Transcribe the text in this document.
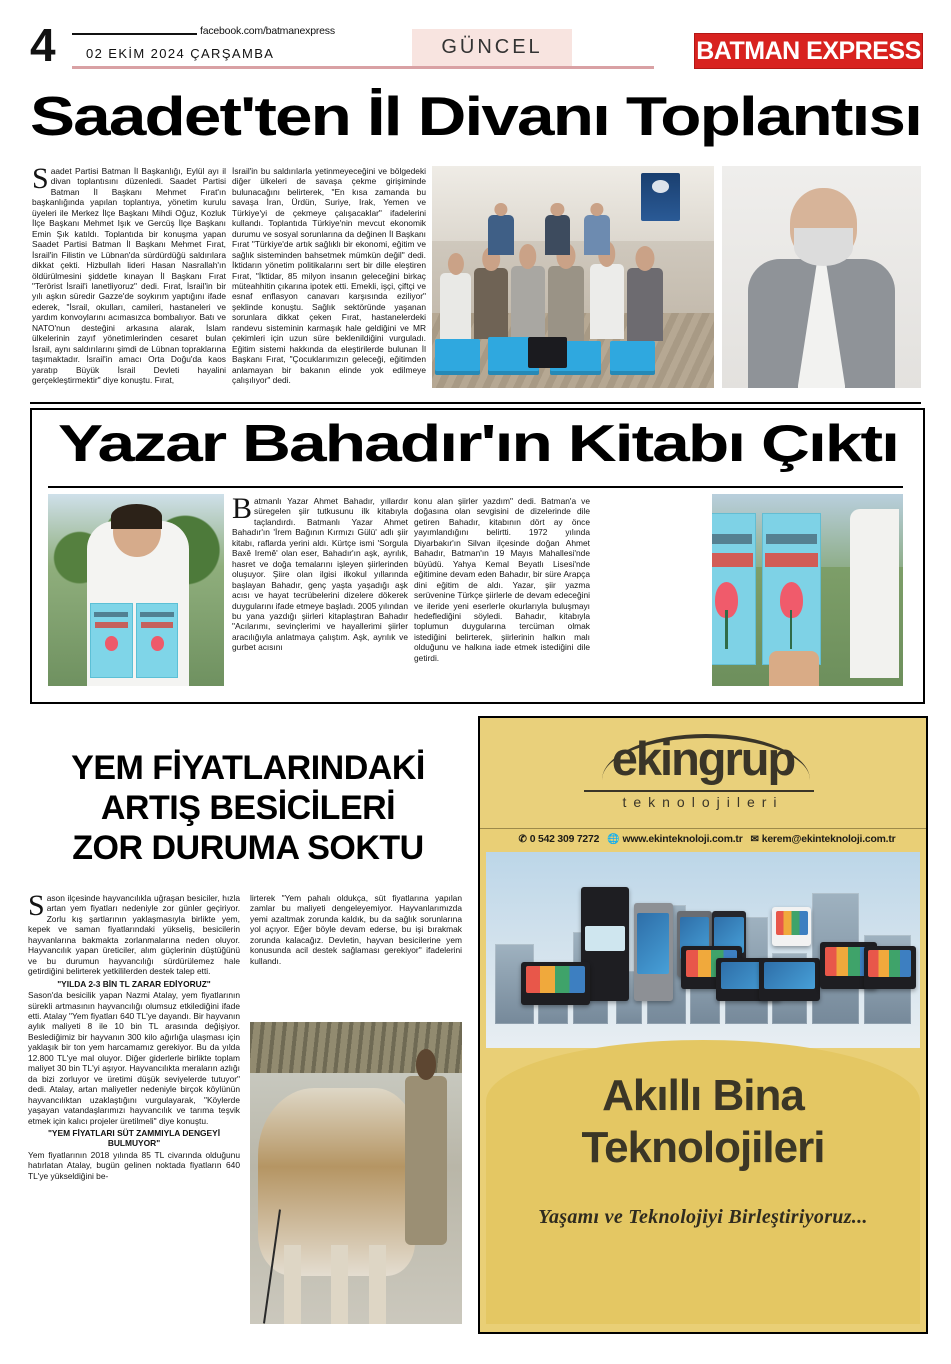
4	facebook.com/batmanexpress
02 EKİM 2024 ÇARŞAMBA	GÜNCEL	BATMAN EXPRESS
Saadet'ten İl Divanı Toplantısı

Saadet Partisi Batman İl Başkanlığı, Eylül ayı il divan toplantısını düzenledi. Saadet Partisi Batman İl Başkanı Mehmet Fırat'ın başkanlığında yapılan toplantıya, yönetim kurulu üyeleri ile Merkez İlçe Başkanı Mihdi Oğuz, Kozluk İlçe Başkanı Mehmet Işık ve Gercüş İlçe Başkanı Emin Şık katıldı. Toplantıda bir konuşma yapan Saadet Partisi Batman İl Başkanı Mehmet Fırat, İsrail'in Filistin ve Lübnan'da sürdürdüğü saldırılara dikkat çekti. Hizbullah lideri Hasan Nasrallah'ın öldürülmesini şiddetle kınayan İl Başkanı Fırat "Terörist İsrail'i lanetliyoruz" dedi. Fırat, İsrail'in bir yılı aşkın süredir Gazze'de soykırım yaptığını ifade ederek, "İsrail, okulları, camileri, hastaneleri ve yardım konvoylarını acımasızca bombalıyor. Batı ve NATO'nun desteğini arkasına alarak, İslam ülkelerinin zayıf yönetimlerinden cesaret bulan İsrail, aynı saldırılarını şimdi de Lübnan topraklarına taşımaktadır. İsrail'in amacı Orta Doğu'da kaos yaratıp Büyük İsrail Devleti hayalini gerçekleştirmektir" diye konuştu. Fırat,

İsrail'in bu saldırılarla yetinmeyeceğini ve bölgedeki diğer ülkeleri de savaşa çekme girişiminde bulunacağını belirterek, "En kısa zamanda bu savaşa İran, Ürdün, Suriye, Irak, Yemen ve Türkiye'yi de çekmeye çalışacaklar" ifadelerini kullandı. Toplantıda Türkiye'nin mevcut ekonomik durumu ve sosyal sorunlarına da değinen İl Başkanı Fırat "Türkiye'de artık sağlıklı bir ekonomi, eğitim ve sağlık sisteminden bahsetmek mümkün değil" dedi. İktidarın yönetim politikalarını sert bir dille eleştiren Fırat, "İktidar, 85 milyon insanın geleceğini birkaç müteahhitin çıkarına ipotek etti. Emekli, işçi, çiftçi ve esnaf enflasyon canavarı karşısında eziliyor" şeklinde konuştu. Sağlık sektöründe yaşanan sorunlara dikkat çeken Fırat, hastanelerdeki randevu sisteminin karmaşık hale geldiğini ve MR çekimleri için uzun süre beklenildiğini vurguladı. Eğitim sistemi hakkında da eleştirilerde bulunan İl Başkanı Fırat, "Çocuklarımızın geleceği, eğitimden anlamayan bir bakanın elinde yok edilmeye çalışılıyor" dedi.

Yazar Bahadır'ın Kitabı Çıktı

Batmanlı Yazar Ahmet Bahadır, yıllardır süregelen şiir tutkusunu ilk kitabıyla taçlandırdı. Batmanlı Yazar Ahmet Bahadır'ın 'İrem Bağının Kırmızı Gülü' adlı şiir kitabı, raflarda yerini aldı. Kürtçe ismi 'Sorgula Baxê Iremê' olan eser, Bahadır'ın aşk, ayrılık, hasret ve doğa temalarını işleyen şiirlerinden oluşuyor. Şiire olan ilgisi ilkokul yıllarında başlayan Bahadır, genç yaşta yaşadığı aşk acısı ve hayat tecrübelerini dizelere dökerek duygularını ifade etmeye başladı. 2005 yılından bu yana yazdığı şiirleri kitaplaştıran Bahadır "Acılarımı, sevinçlerimi ve hayallerimi şiirler aracılığıyla anlatmaya çalıştım. Aşk, ayrılık ve gurbet acısını

konu alan şiirler yazdım" dedi. Batman'a ve doğasına olan sevgisini de dizelerinde dile getiren Bahadır, kitabının dört ay önce yayımlandığını belirtti. 1972 yılında Diyarbakır'ın Silvan ilçesinde doğan Ahmet Bahadır, Batman'ın 19 Mayıs Mahallesi'nde büyüdü. Yahya Kemal Beyatlı Lisesi'nde eğitimine devam eden Bahadır, bir süre Arapça dini eğitim de aldı. Yazar, şiir yazma serüvenine Türkçe şiirlerle de devam edeceğini ve ileride yeni eserlerle okurlarıyla buluşmayı hedeflediğini söyledi. Bahadır, kitabıyla toplumun duygularına tercüman olmak istediğini belirterek, şiirlerinin halkın malı olduğunu ve halkına iade etmek istediğini dile getirdi.

YEM FİYATLARINDAKİ ARTIŞ BESİCİLERİ ZOR DURUMA SOKTU

Sason ilçesinde hayvancılıkla uğraşan besiciler, hızla artan yem fiyatları nedeniyle zor günler geçiriyor. Zorlu kış şartlarının yaklaşmasıyla birlikte yem, kepek ve saman fiyatlarındaki yükseliş, besicilerin hayvanlarına bakmakta zorlanmalarına neden oluyor. Hayvancılık yapan üreticiler, alım güçlerinin düştüğünü ve bu durumun hayvancılığı sürdürülemez hale getirdiğini belirterek yetkililerden destek talep etti.

"YILDA 2-3 BİN TL ZARAR EDİYORUZ"

Sason'da besicilik yapan Nazmi Atalay, yem fiyatlarının sürekli artmasının hayvancılığı olumsuz etkilediğini ifade etti. Atalay "Yem fiyatları 640 TL'ye dayandı. Bir hayvanın aylık maliyeti 8 ile 10 bin TL arasında değişiyor. Beslediğimiz bir hayvanın 300 kilo ağırlığa ulaşması için yaklaşık bir ton yem harcamamız gerekiyor. Bu da yılda 12.800 TL'ye mal oluyor. Diğer giderlerle birlikte toplam maliyet 30 bin TL'yi aşıyor. Hayvancılıkta meraların azlığı da bizi zorluyor ve üretimi düşük seviyelerde tutuyor" dedi. Atalay, artan maliyetler nedeniyle birçok köylünün hayvancılıktan uzaklaştığını vurgulayarak, "Köylerde yaşayan vatandaşlarımızı hayvancılık ve tarıma teşvik etmek için kalıcı projeler üretilmeli" diye konuştu.

"YEM FİYATLARI SÜT ZAMMIYLA DENGEYİ BULMUYOR"

Yem fiyatlarının 2018 yılında 85 TL civarında olduğunu hatırlatan Atalay, bugün gelinen noktada fiyatların 640 TL'ye yükseldiğini be-

lirterek "Yem pahalı oldukça, süt fiyatlarına yapılan zamlar bu maliyeti dengeleyemiyor. Hayvanlarımızda yemi azaltmak zorunda kaldık, bu da sağlık sorunlarına yol açıyor. Eğer böyle devam ederse, bu işi bırakmak zorunda kalacağız. Devletin, hayvan besicilerine yem konusunda acil destek sağlaması gerekiyor" ifadelerini kullandı.

ekingrup
teknolojileri
✆ 0 542 309 7272 🌐 www.ekinteknoloji.com.tr ✉ kerem@ekinteknoloji.com.tr
Akıllı Bina Teknolojileri
Yaşamı ve Teknolojiyi Birleştiriyoruz...
